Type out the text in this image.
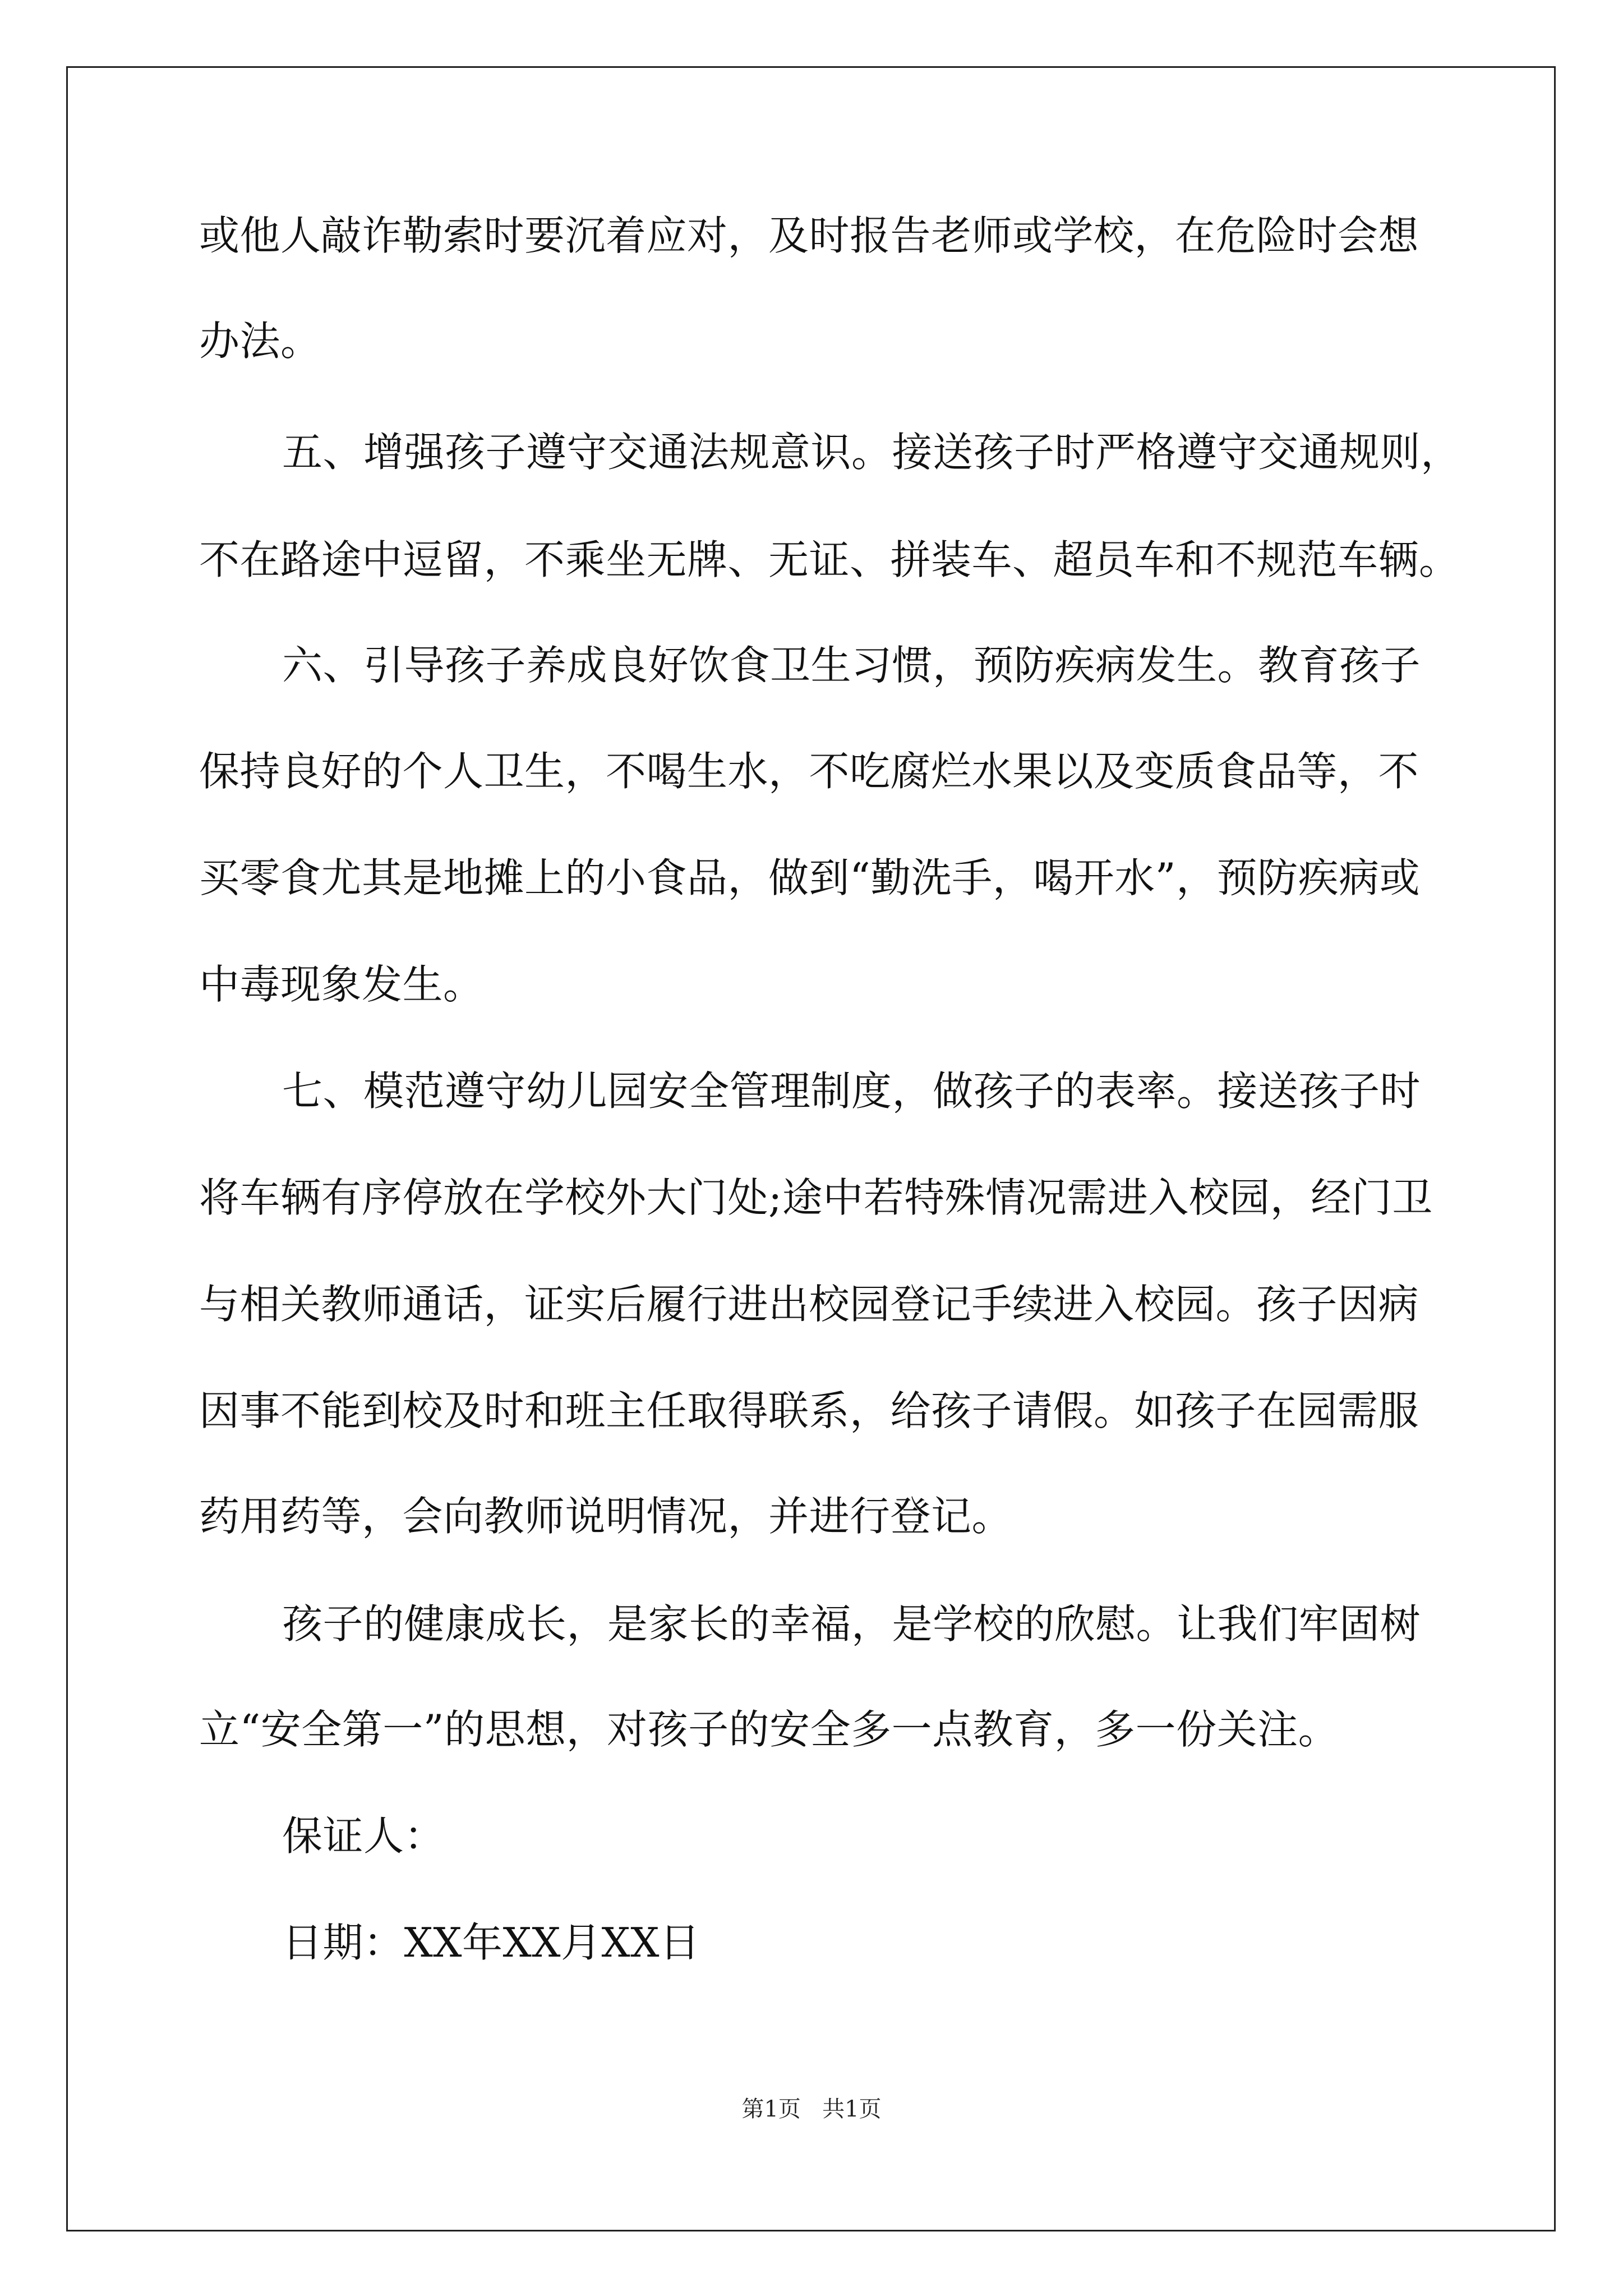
或他人敲诈勒索时要沉着应对，及时报告老师或学校，在危险时会想
办法。
五、增强孩子遵守交通法规意识。接送孩子时严格遵守交通规则，
不在路途中逗留，不乘坐无牌、无证、拼装车、超员车和不规范车辆。
六、引导孩子养成良好饮食卫生习惯，预防疾病发生。教育孩子
保持良好的个人卫生，不喝生水，不吃腐烂水果以及变质食品等，不
买零食尤其是地摊上的小食品，做到“勤洗手，喝开水”，预防疾病或
中毒现象发生。
七、模范遵守幼儿园安全管理制度，做孩子的表率。接送孩子时
将车辆有序停放在学校外大门处;途中若特殊情况需进入校园，经门卫
与相关教师通话，证实后履行进出校园登记手续进入校园。孩子因病
因事不能到校及时和班主任取得联系，给孩子请假。如孩子在园需服
药用药等，会向教师说明情况，并进行登记。
孩子的健康成长，是家长的幸福，是学校的欣慰。让我们牢固树
立“安全第一”的思想，对孩子的安全多一点教育，多一份关注。
保证人：
日期：XX年XX月XX日
第1页 共1页
